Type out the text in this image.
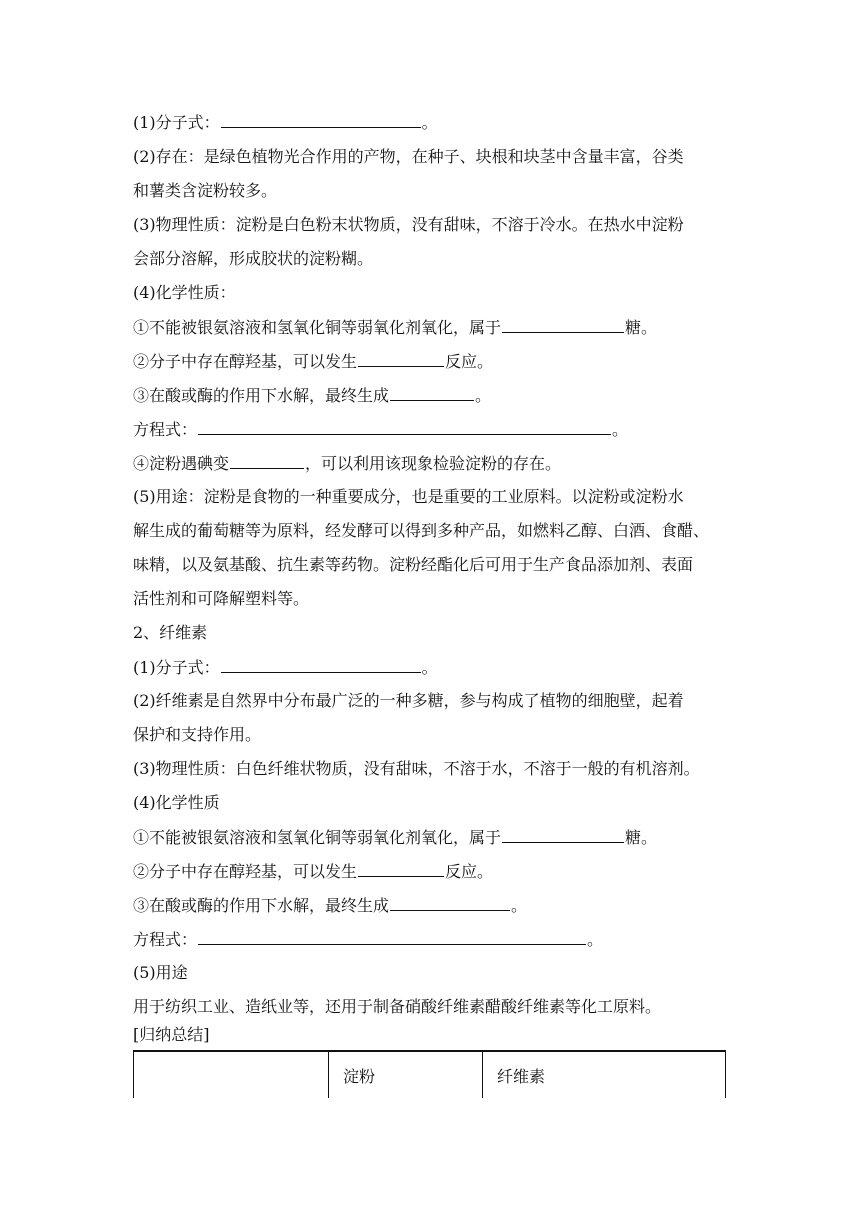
(1)分子式：	。
(2)存在：是绿色植物光合作用的产物，在种子、块根和块茎中含量丰富，谷类
和薯类含淀粉较多。
(3)物理性质：淀粉是白色粉末状物质，没有甜味，不溶于冷水。在热水中淀粉
会部分溶解，形成胶状的淀粉糊。
(4)化学性质：
①不能被银氨溶液和氢氧化铜等弱氧化剂氧化，属于	糖。
②分子中存在醇羟基，可以发生	反应。
③在酸或酶的作用下水解，最终生成	。
方程式：	。
④淀粉遇碘变	，可以利用该现象检验淀粉的存在。
(5)用途：淀粉是食物的一种重要成分，也是重要的工业原料。以淀粉或淀粉水
解生成的葡萄糖等为原料，经发酵可以得到多种产品，如燃料乙醇、白酒、食醋、
味精，以及氨基酸、抗生素等药物。淀粉经酯化后可用于生产食品添加剂、表面
活性剂和可降解塑料等。
2、纤维素
(1)分子式：	。
(2)纤维素是自然界中分布最广泛的一种多糖，参与构成了植物的细胞壁，起着
保护和支持作用。
(3)物理性质：白色纤维状物质，没有甜味，不溶于水，不溶于一般的有机溶剂。
(4)化学性质
①不能被银氨溶液和氢氧化铜等弱氧化剂氧化，属于	糖。
②分子中存在醇羟基，可以发生	反应。
③在酸或酶的作用下水解，最终生成	。
方程式：	。
(5)用途
用于纺织工业、造纸业等，还用于制备硝酸纤维素醋酸纤维素等化工原料。
[归纳总结]
	淀粉	纤维素
